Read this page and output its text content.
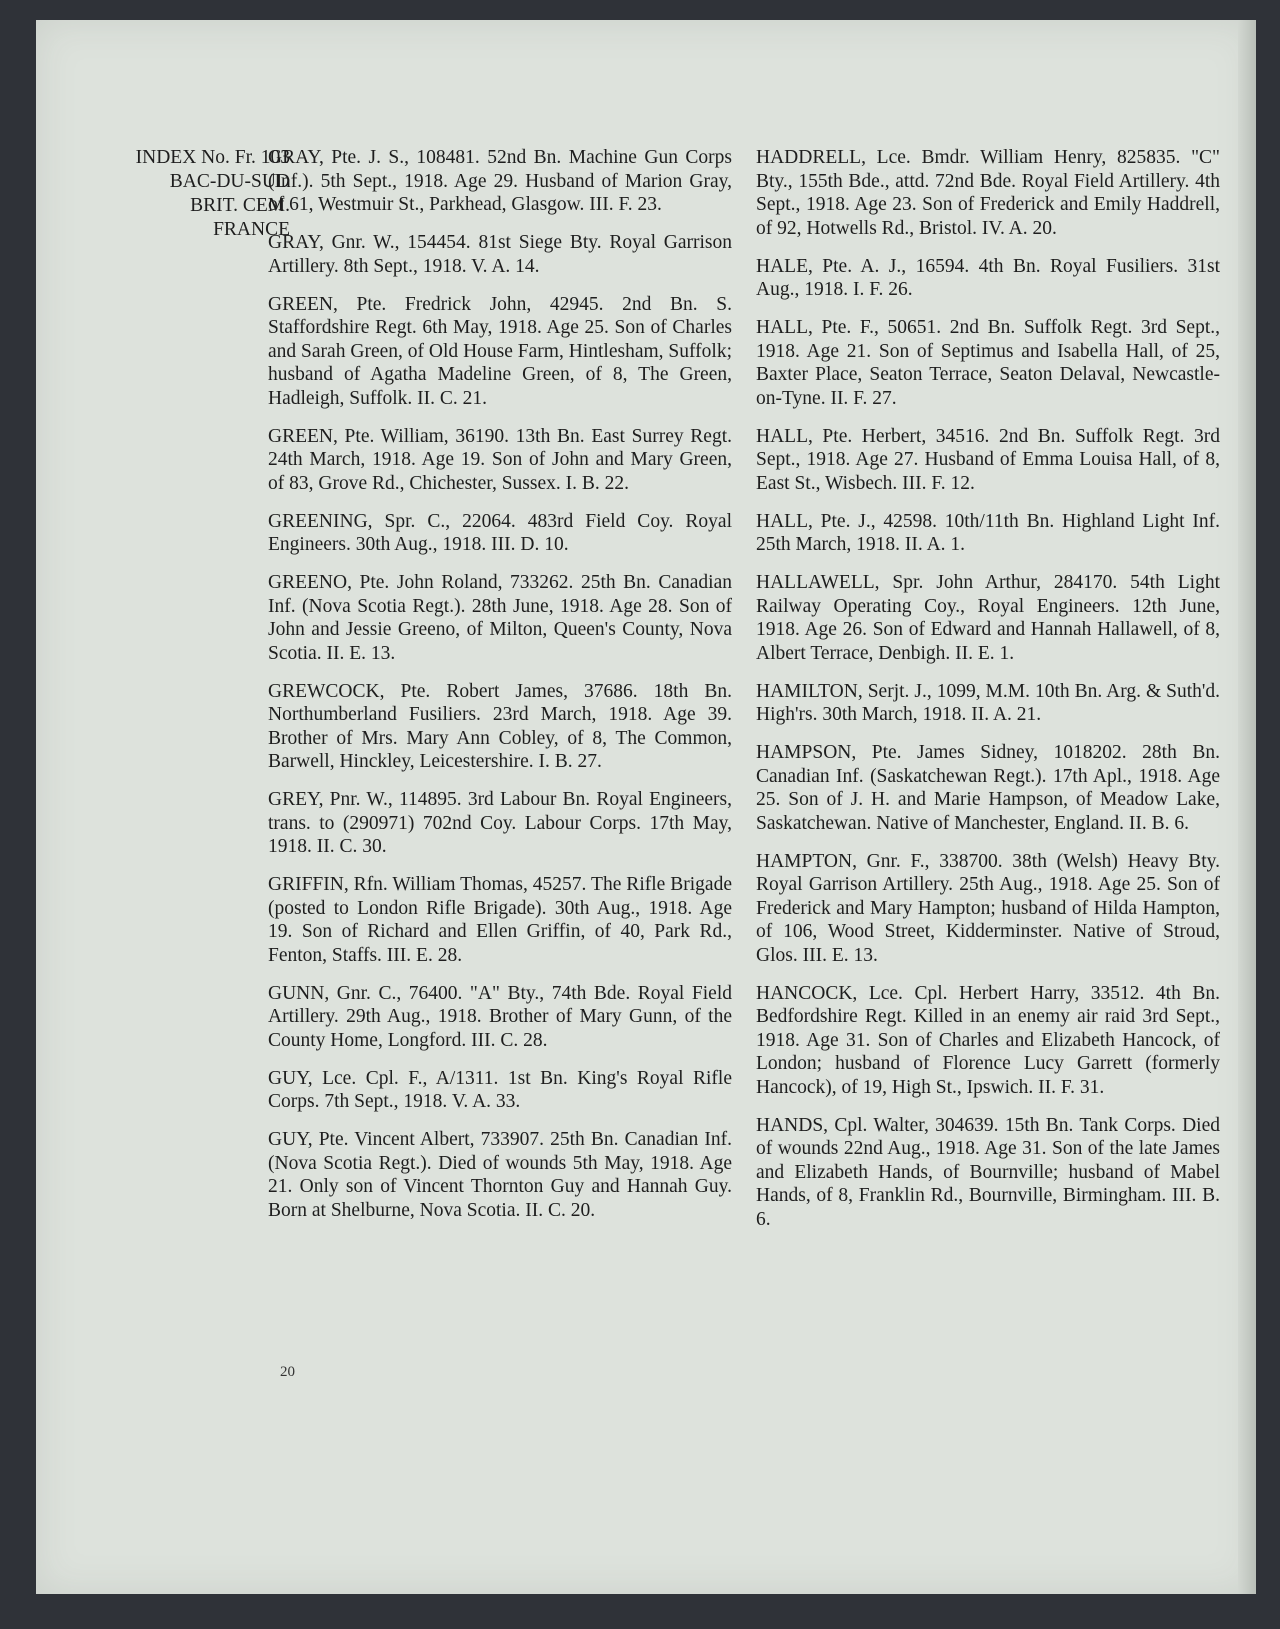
INDEX No. Fr. 103
BAC-DU-SUD
BRIT. CEM.
FRANCE

GRAY, Pte. J. S., 108481. 52nd Bn. Machine Gun Corps (Inf.). 5th Sept., 1918. Age 29. Husband of Marion Gray, of 61, Westmuir St., Parkhead, Glasgow. III. F. 23.

GRAY, Gnr. W., 154454. 81st Siege Bty. Royal Garrison Artillery. 8th Sept., 1918. V. A. 14.

GREEN, Pte. Fredrick John, 42945. 2nd Bn. S. Staffordshire Regt. 6th May, 1918. Age 25. Son of Charles and Sarah Green, of Old House Farm, Hintlesham, Suffolk; husband of Agatha Madeline Green, of 8, The Green, Hadleigh, Suffolk. II. C. 21.

GREEN, Pte. William, 36190. 13th Bn. East Surrey Regt. 24th March, 1918. Age 19. Son of John and Mary Green, of 83, Grove Rd., Chichester, Sussex. I. B. 22.

GREENING, Spr. C., 22064. 483rd Field Coy. Royal Engineers. 30th Aug., 1918. III. D. 10.

GREENO, Pte. John Roland, 733262. 25th Bn. Canadian Inf. (Nova Scotia Regt.). 28th June, 1918. Age 28. Son of John and Jessie Greeno, of Milton, Queen's County, Nova Scotia. II. E. 13.

GREWCOCK, Pte. Robert James, 37686. 18th Bn. Northumberland Fusiliers. 23rd March, 1918. Age 39. Brother of Mrs. Mary Ann Cobley, of 8, The Common, Barwell, Hinckley, Leicestershire. I. B. 27.

GREY, Pnr. W., 114895. 3rd Labour Bn. Royal Engineers, trans. to (290971) 702nd Coy. Labour Corps. 17th May, 1918. II. C. 30.

GRIFFIN, Rfn. William Thomas, 45257. The Rifle Brigade (posted to London Rifle Brigade). 30th Aug., 1918. Age 19. Son of Richard and Ellen Griffin, of 40, Park Rd., Fenton, Staffs. III. E. 28.

GUNN, Gnr. C., 76400. "A" Bty., 74th Bde. Royal Field Artillery. 29th Aug., 1918. Brother of Mary Gunn, of the County Home, Longford. III. C. 28.

GUY, Lce. Cpl. F., A/1311. 1st Bn. King's Royal Rifle Corps. 7th Sept., 1918. V. A. 33.

GUY, Pte. Vincent Albert, 733907. 25th Bn. Canadian Inf. (Nova Scotia Regt.). Died of wounds 5th May, 1918. Age 21. Only son of Vincent Thornton Guy and Hannah Guy. Born at Shelburne, Nova Scotia. II. C. 20.

HADDRELL, Lce. Bmdr. William Henry, 825835. "C" Bty., 155th Bde., attd. 72nd Bde. Royal Field Artillery. 4th Sept., 1918. Age 23. Son of Frederick and Emily Haddrell, of 92, Hotwells Rd., Bristol. IV. A. 20.

HALE, Pte. A. J., 16594. 4th Bn. Royal Fusiliers. 31st Aug., 1918. I. F. 26.

HALL, Pte. F., 50651. 2nd Bn. Suffolk Regt. 3rd Sept., 1918. Age 21. Son of Septimus and Isabella Hall, of 25, Baxter Place, Seaton Terrace, Seaton Delaval, Newcastle-on-Tyne. II. F. 27.

HALL, Pte. Herbert, 34516. 2nd Bn. Suffolk Regt. 3rd Sept., 1918. Age 27. Husband of Emma Louisa Hall, of 8, East St., Wisbech. III. F. 12.

HALL, Pte. J., 42598. 10th/11th Bn. Highland Light Inf. 25th March, 1918. II. A. 1.

HALLAWELL, Spr. John Arthur, 284170. 54th Light Railway Operating Coy., Royal Engineers. 12th June, 1918. Age 26. Son of Edward and Hannah Hallawell, of 8, Albert Terrace, Denbigh. II. E. 1.

HAMILTON, Serjt. J., 1099, M.M. 10th Bn. Arg. & Suth'd. High'rs. 30th March, 1918. II. A. 21.

HAMPSON, Pte. James Sidney, 1018202. 28th Bn. Canadian Inf. (Saskatchewan Regt.). 17th Apl., 1918. Age 25. Son of J. H. and Marie Hampson, of Meadow Lake, Saskatchewan. Native of Manchester, England. II. B. 6.

HAMPTON, Gnr. F., 338700. 38th (Welsh) Heavy Bty. Royal Garrison Artillery. 25th Aug., 1918. Age 25. Son of Frederick and Mary Hampton; husband of Hilda Hampton, of 106, Wood Street, Kidderminster. Native of Stroud, Glos. III. E. 13.

HANCOCK, Lce. Cpl. Herbert Harry, 33512. 4th Bn. Bedfordshire Regt. Killed in an enemy air raid 3rd Sept., 1918. Age 31. Son of Charles and Elizabeth Hancock, of London; husband of Florence Lucy Garrett (formerly Hancock), of 19, High St., Ipswich. II. F. 31.

HANDS, Cpl. Walter, 304639. 15th Bn. Tank Corps. Died of wounds 22nd Aug., 1918. Age 31. Son of the late James and Elizabeth Hands, of Bournville; husband of Mabel Hands, of 8, Franklin Rd., Bournville, Birmingham. III. B. 6.

20
